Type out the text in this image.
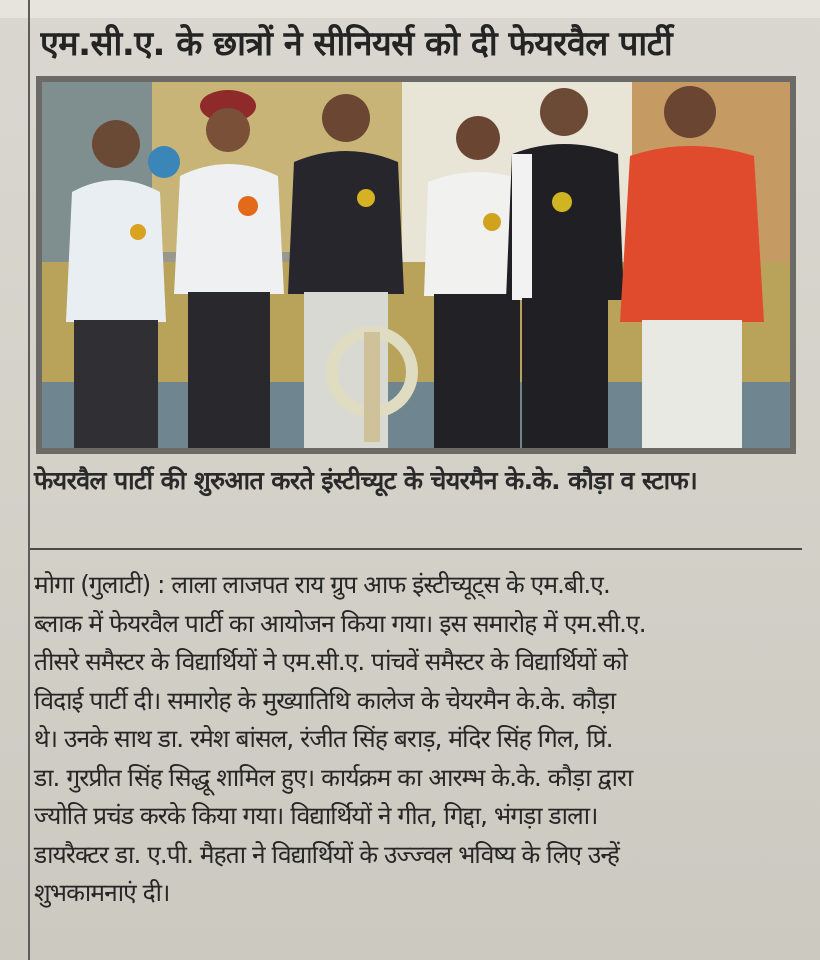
एम.सी.ए. के छात्रों ने सीनियर्स को दी फेयरवैल पार्टी
फेयरवैल पार्टी की शुरुआत करते इंस्टीच्यूट के चेयरमैन के.के. कौड़ा व स्टाफ।
मोगा (गुलाटी) : लाला लाजपत राय ग्रुप आफ इंस्टीच्यूट्स के एम.बी.ए.
ब्लाक में फेयरवैल पार्टी का आयोजन किया गया। इस समारोह में एम.सी.ए.
तीसरे समैस्टर के विद्यार्थियों ने एम.सी.ए. पांचवें समैस्टर के विद्यार्थियों को
विदाई पार्टी दी। समारोह के मुख्यातिथि कालेज के चेयरमैन के.के. कौड़ा
थे। उनके साथ डा. रमेश बांसल, रंजीत सिंह बराड़, मंदिर सिंह गिल, प्रिं.
डा. गुरप्रीत सिंह सिद्धू शामिल हुए। कार्यक्रम का आरम्भ के.के. कौड़ा द्वारा
ज्योति प्रचंड करके किया गया। विद्यार्थियों ने गीत, गिद्दा, भंगड़ा डाला।
डायरैक्टर डा. ए.पी. मैहता ने विद्यार्थियों के उज्ज्वल भविष्य के लिए उन्हें
शुभकामनाएं दी।
